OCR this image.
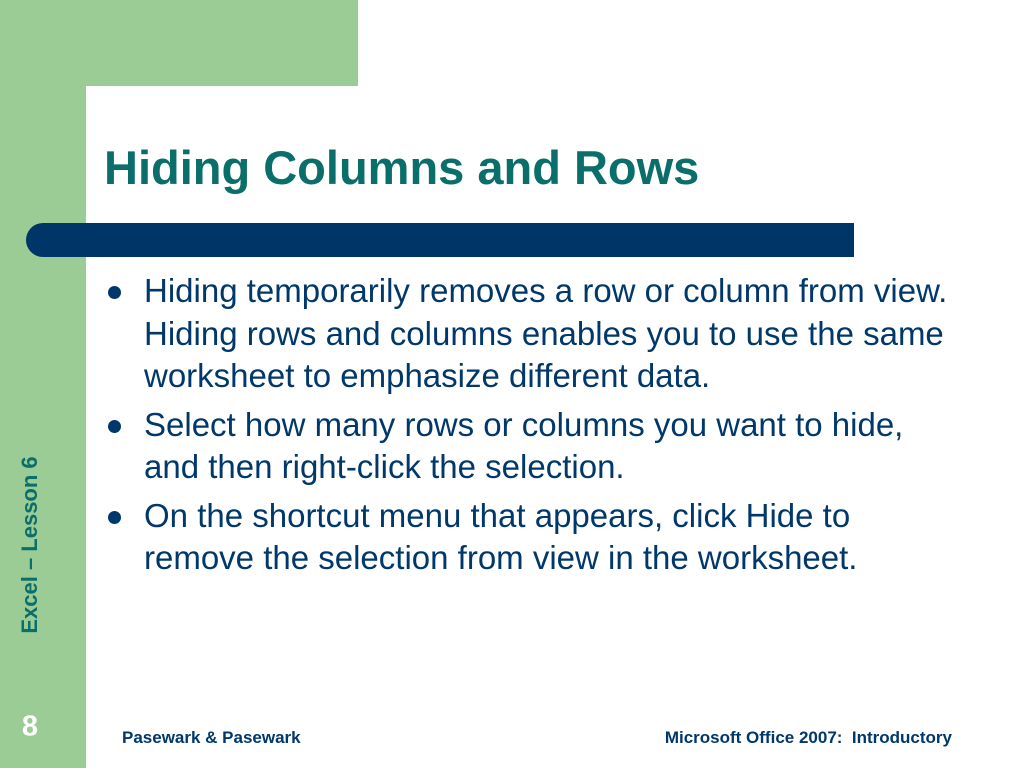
Hiding Columns and Rows
Hiding temporarily removes a row or column from view. Hiding rows and columns enables you to use the same worksheet to emphasize different data.
Select how many rows or columns you want to hide, and then right-click the selection.
On the shortcut menu that appears, click Hide to remove the selection from view in the worksheet.
Excel – Lesson 6
8	Pasewark & Pasewark	Microsoft Office 2007:  Introductory
